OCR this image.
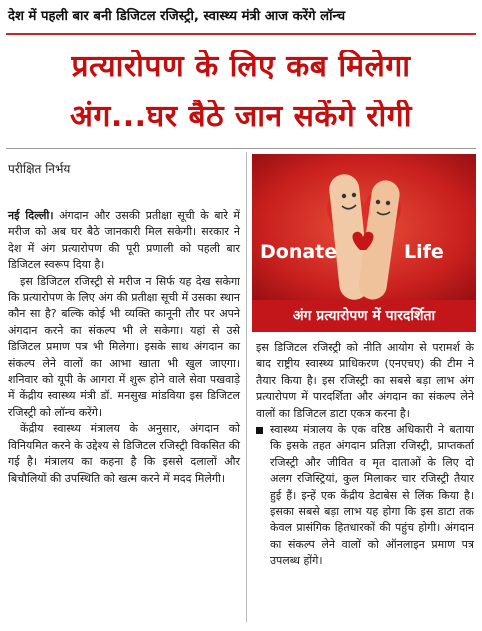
देश में पहली बार बनी डिजिटल रजिस्ट्री, स्वास्थ्य मंत्री आज करेंगे लॉन्च
प्रत्यारोपण के लिए कब मिलेगा
अंग...घर बैठे जान सकेंगे रोगी
परीक्षित निर्भय

नई दिल्ली। अंगदान और उसकी प्रतीक्षा सूची के बारे में मरीज को अब घर बैठे जानकारी मिल सकेगी। सरकार ने देश में अंग प्रत्यारोपण की पूरी प्रणाली को पहली बार डिजिटल स्वरूप दिया है।

इस डिजिटल रजिस्ट्री से मरीज न सिर्फ यह देख सकेगा कि प्रत्यारोपण के लिए अंग की प्रतीक्षा सूची में उसका स्थान कौन सा है? बल्कि कोई भी व्यक्ति कानूनी तौर पर अपने अंगदान करने का संकल्प भी ले सकेगा। यहां से उसे डिजिटल प्रमाण पत्र भी मिलेगा। इसके साथ अंगदान का संकल्प लेने वालों का आभा खाता भी खुल जाएगा। शनिवार को यूपी के आगरा में शुरू होने वाले सेवा पखवाड़े में केंद्रीय स्वास्थ्य मंत्री डॉ. मनसुख मांडविया इस डिजिटल रजिस्ट्री को लॉन्च करेंगे।

केंद्रीय स्वास्थ्य मंत्रालय के अनुसार, अंगदान को विनियमित करने के उद्देश्य से डिजिटल रजिस्ट्री विकसित की गई है। मंत्रालय का कहना है कि इससे दलालों और बिचौलियों की उपस्थिति को खत्म करने में मदद मिलेगी।

Donate	Life
अंग प्रत्यारोपण में पारदर्शिता

इस डिजिटल रजिस्ट्री को नीति आयोग से परामर्श के बाद राष्ट्रीय स्वास्थ्य प्राधिकरण (एनएचए) की टीम ने तैयार किया है। इस रजिस्ट्री का सबसे बड़ा लाभ अंग प्रत्यारोपण में पारदर्शिता और अंगदान का संकल्प लेने वालों का डिजिटल डाटा एकत्र करना है।

स्वास्थ्य मंत्रालय के एक वरिष्ठ अधिकारी ने बताया कि इसके तहत अंगदान प्रतिज्ञा रजिस्ट्री, प्राप्तकर्ता रजिस्ट्री और जीवित व मृत दाताओं के लिए दो अलग रजिस्ट्रियां, कुल मिलाकर चार रजिस्ट्री तैयार हुई हैं। इन्हें एक केंद्रीय डेटाबेस से लिंक किया है। इसका सबसे बड़ा लाभ यह होगा कि इस डाटा तक केवल प्रासंगिक हितधारकों की पहुंच होगी। अंगदान का संकल्प लेने वालों को ऑनलाइन प्रमाण पत्र उपलब्ध होंगे।
